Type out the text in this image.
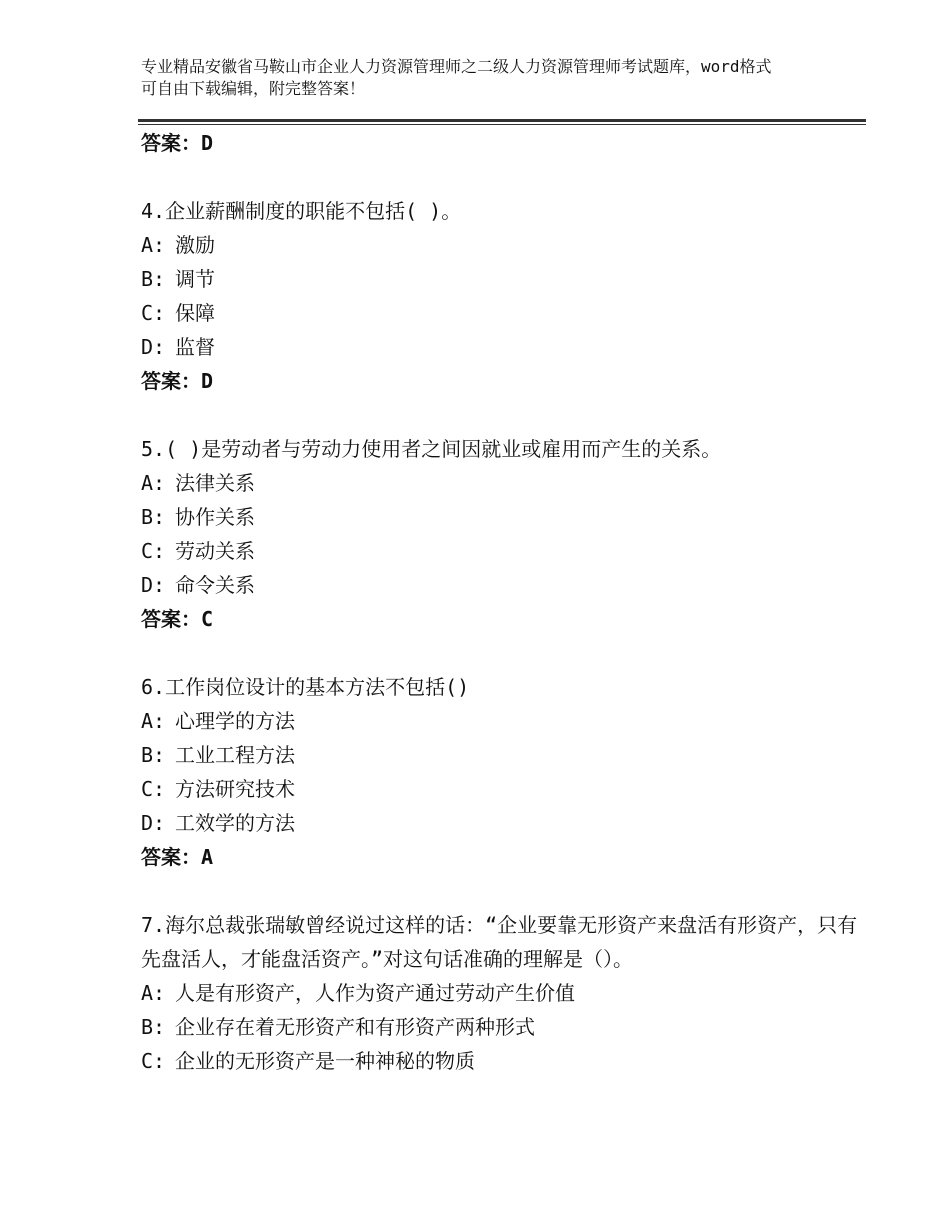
专业精品安徽省马鞍山市企业人力资源管理师之二级人力资源管理师考试题库，word格式可自由下载编辑，附完整答案！
答案：D
4.企业薪酬制度的职能不包括( )。
A: 激励
B: 调节
C: 保障
D: 监督
答案：D
5.( )是劳动者与劳动力使用者之间因就业或雇用而产生的关系。
A: 法律关系
B: 协作关系
C: 劳动关系
D: 命令关系
答案：C
6.工作岗位设计的基本方法不包括()
A: 心理学的方法
B: 工业工程方法
C: 方法研究技术
D: 工效学的方法
答案：A
7.海尔总裁张瑞敏曾经说过这样的话：“企业要靠无形资产来盘活有形资产，只有先盘活人，才能盘活资产。”对这句话准确的理解是（）。
A: 人是有形资产，人作为资产通过劳动产生价值
B: 企业存在着无形资产和有形资产两种形式
C: 企业的无形资产是一种神秘的物质
